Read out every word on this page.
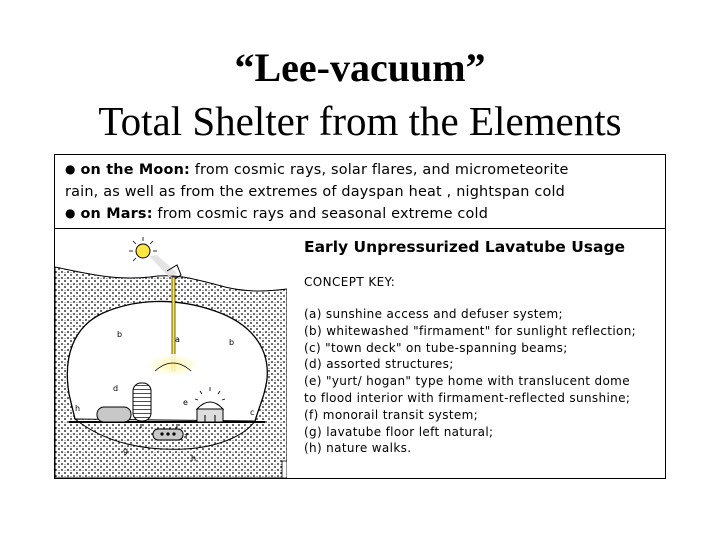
“Lee-vacuum”
Total Shelter from the Elements
● on the Moon: from cosmic rays, solar flares, and micrometeorite
rain, as well as from the extremes of dayspan heat , nightspan cold
● on Mars: from cosmic rays and seasonal extreme cold
a
b
b
c
d
e
f
g
h
h
Early Unpressurized Lavatube Usage
CONCEPT KEY:
(a) sunshine access and defuser system;
(b) whitewashed "firmament" for sunlight reflection;
(c) "town deck" on tube-spanning beams;
(d) assorted structures;
(e) "yurt/ hogan" type home with translucent dome
to flood interior with firmament-reflected sunshine;
(f) monorail transit system;
(g) lavatube floor left natural;
(h) nature walks.
